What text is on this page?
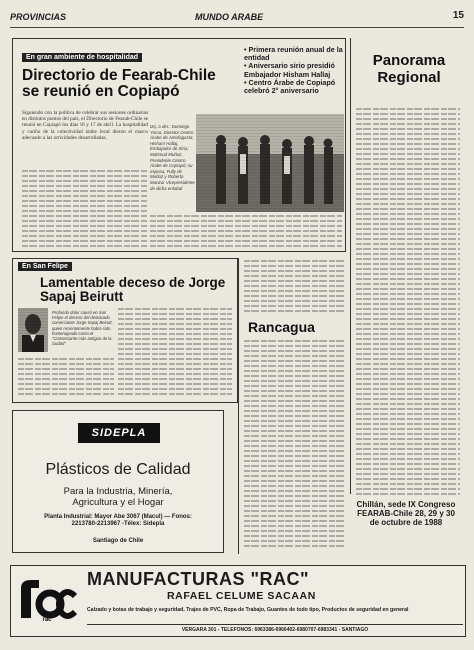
PROVINCIAS	MUNDO ARABE	15
En gran ambiente de hospitalidad
Directorio de Fearab-Chile se reunió en Copiapó
Siguiendo con la política de celebrar sus sesiones ordinarias en distintos puntos del país, el Directorio de Fearab-Chile se reunió en Copiapó los días 16 y 17 de abril. La hospitalidad y cariño de la colectividad árabe local dieron el marco adecuado a las actividades desarrolladas.
Izq. a der.: Domingo Yoma, Director Centro Árabe de Antofagasta; Hisham Hallaj, Embajador de Siria; Mahmud Muñoz, Presidente Centro Árabe de Copiapó; su esposa, Fully de Muñoz y Roberto Manzur Vicepresidente de dicha entidad
• Primera reunión anual de la entidad
• Aniversario sirio presidió Embajador Hisham Hallaj
• Centro Árabe de Copiapó celebró 2° aniversario
Panorama Regional
Chillán, sede IX Congreso FEARAB-Chile 28, 29 y 30 de octubre de 1988
En San Felipe
Lamentable deceso de Jorge Sapaj Beirutt
Profundo dolor causó en San Felipe el deceso del destacado comerciante Jorge Sapaj Beirutt, quien recientemente había sido homenajeado como el "Comerciante más antiguo de la ciudad"
Rancagua
SIDEPLA
Plásticos de Calidad
Para la Industria, Minería, Agricultura y el Hogar
Planta Industrial: Mayor Abe 3067 (Macul) — Fonos: 2213780-2213967 -Télex: Sidepla
Santiago de Chile
rac
MANUFACTURAS "RAC"
RAFAEL CELUME SACAAN
Calzado y botas de trabajo y seguridad, Trajes de PVC, Ropa de Trabajo, Guantes de todo tipo, Productos de seguridad en general
VERGARA 301 - TELEFONOS: 6963386-6966402-6980707-6983341 - SANTIAGO
